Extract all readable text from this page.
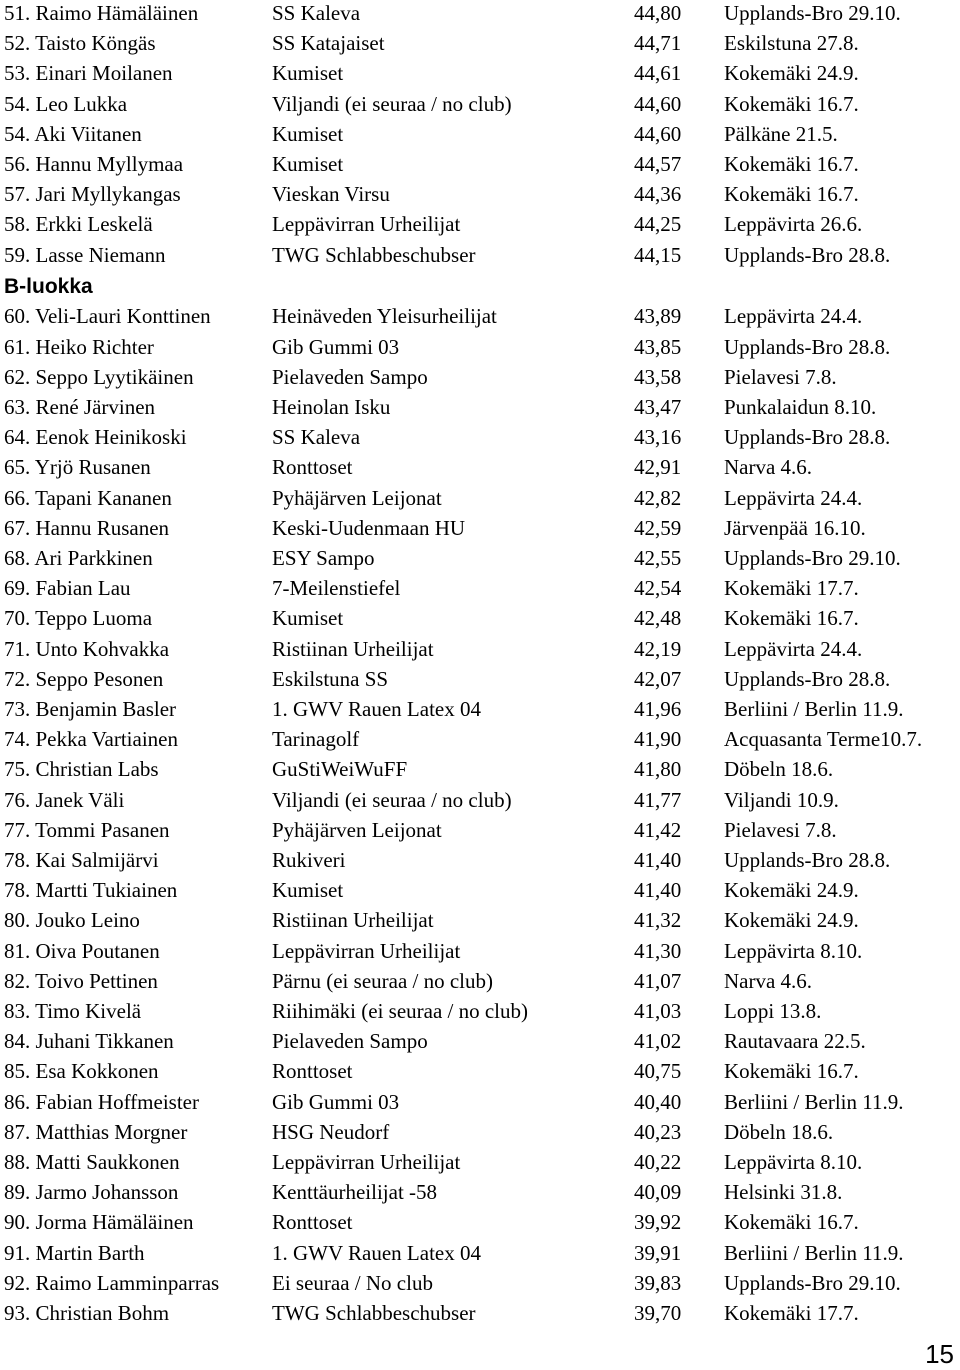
51. Raimo Hämäläinen	SS Kaleva	44,80 Upplands-Bro 29.10.
52. Taisto Köngäs	SS Katajaiset	44,71 Eskilstuna 27.8.
53. Einari Moilanen	Kumiset	44,61 Kokemäki 24.9.
54. Leo Lukka	Viljandi (ei seuraa / no club)	44,60 Kokemäki 16.7.
54. Aki Viitanen	Kumiset	44,60 Pälkäne 21.5.
56. Hannu Myllymaa	Kumiset	44,57 Kokemäki 16.7.
57. Jari Myllykangas	Vieskan Virsu	44,36 Kokemäki 16.7.
58. Erkki Leskelä	Leppävirran Urheilijat	44,25 Leppävirta 26.6.
59. Lasse Niemann	TWG Schlabbeschubser	44,15 Upplands-Bro 28.8.
B-luokka
60. Veli-Lauri Konttinen	Heinäveden Yleisurheilijat	43,89 Leppävirta 24.4.
61. Heiko Richter	Gib Gummi 03	43,85 Upplands-Bro 28.8.
62. Seppo Lyytikäinen	Pielaveden Sampo	43,58 Pielavesi 7.8.
63. René Järvinen	Heinolan Isku	43,47 Punkalaidun 8.10.
64. Eenok Heinikoski	SS Kaleva	43,16 Upplands-Bro 28.8.
65. Yrjö Rusanen	Ronttoset	42,91 Narva 4.6.
66. Tapani Kananen	Pyhäjärven Leijonat	42,82 Leppävirta 24.4.
67. Hannu Rusanen	Keski-Uudenmaan HU	42,59 Järvenpää 16.10.
68. Ari Parkkinen	ESY Sampo	42,55 Upplands-Bro 29.10.
69. Fabian Lau	7-Meilenstiefel	42,54 Kokemäki 17.7.
70. Teppo Luoma	Kumiset	42,48 Kokemäki 16.7.
71. Unto Kohvakka	Ristiinan Urheilijat	42,19 Leppävirta 24.4.
72. Seppo Pesonen	Eskilstuna SS	42,07 Upplands-Bro 28.8.
73. Benjamin Basler	1. GWV Rauen Latex 04	41,96 Berliini / Berlin 11.9.
74. Pekka Vartiainen	Tarinagolf	41,90 Acquasanta Terme10.7.
75. Christian Labs	GuStiWeiWuFF	41,80 Döbeln 18.6.
76. Janek Väli	Viljandi (ei seuraa / no club)	41,77 Viljandi 10.9.
77. Tommi Pasanen	Pyhäjärven Leijonat	41,42 Pielavesi 7.8.
78. Kai Salmijärvi	Rukiveri	41,40 Upplands-Bro 28.8.
78. Martti Tukiainen	Kumiset	41,40 Kokemäki 24.9.
80. Jouko Leino	Ristiinan Urheilijat	41,32 Kokemäki 24.9.
81. Oiva Poutanen	Leppävirran Urheilijat	41,30 Leppävirta 8.10.
82. Toivo Pettinen	Pärnu (ei seuraa / no club)	41,07 Narva 4.6.
83. Timo Kivelä	Riihimäki (ei seuraa / no club)	41,03 Loppi 13.8.
84. Juhani Tikkanen	Pielaveden Sampo	41,02 Rautavaara 22.5.
85. Esa Kokkonen	Ronttoset	40,75 Kokemäki 16.7.
86. Fabian Hoffmeister	Gib Gummi 03	40,40 Berliini / Berlin 11.9.
87. Matthias Morgner	HSG Neudorf	40,23 Döbeln 18.6.
88. Matti Saukkonen	Leppävirran Urheilijat	40,22 Leppävirta 8.10.
89. Jarmo Johansson	Kenttäurheilijat -58	40,09 Helsinki 31.8.
90. Jorma Hämäläinen	Ronttoset	39,92 Kokemäki 16.7.
91. Martin Barth	1. GWV Rauen Latex 04	39,91 Berliini / Berlin 11.9.
92. Raimo Lamminparras	Ei seuraa / No club	39,83 Upplands-Bro 29.10.
93. Christian Bohm	TWG Schlabbeschubser	39,70 Kokemäki 17.7.
15
